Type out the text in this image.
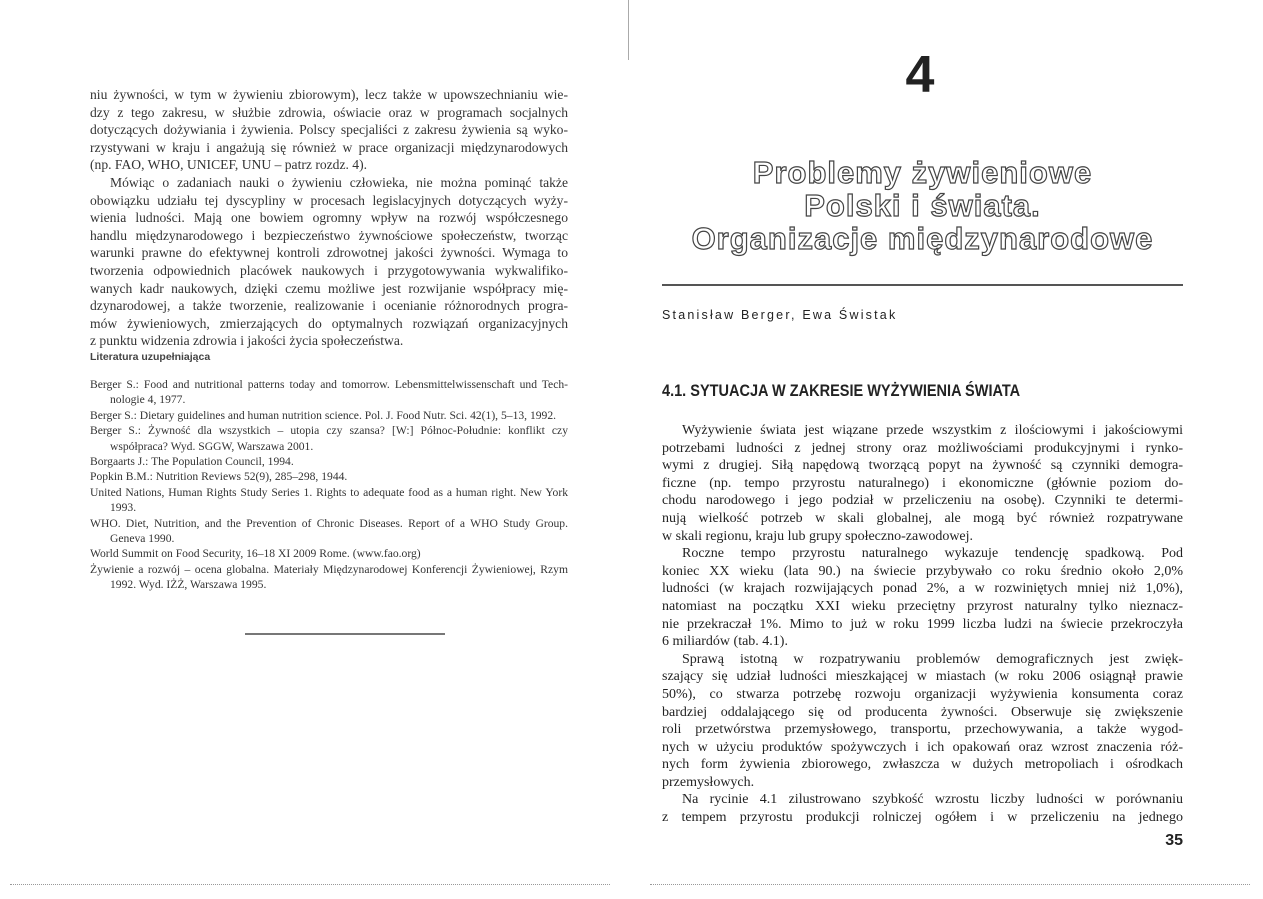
niu żywności, w tym w żywieniu zbiorowym), lecz także w upowszechnianiu wie-
dzy z tego zakresu, w służbie zdrowia, oświacie oraz w programach socjalnych
dotyczących dożywiania i żywienia. Polscy specjaliści z zakresu żywienia są wyko-
rzystywani w kraju i angażują się również w prace organizacji międzynarodowych
(np. FAO, WHO, UNICEF, UNU – patrz rozdz. 4).
Mówiąc o zadaniach nauki o żywieniu człowieka, nie można pominąć także
obowiązku udziału tej dyscypliny w procesach legislacyjnych dotyczących wyży-
wienia ludności. Mają one bowiem ogromny wpływ na rozwój współczesnego
handlu międzynarodowego i bezpieczeństwo żywnościowe społeczeństw, tworząc
warunki prawne do efektywnej kontroli zdrowotnej jakości żywności. Wymaga to
tworzenia odpowiednich placówek naukowych i przygotowywania wykwalifiko-
wanych kadr naukowych, dzięki czemu możliwe jest rozwijanie współpracy mię-
dzynarodowej, a także tworzenie, realizowanie i ocenianie różnorodnych progra-
mów żywieniowych, zmierzających do optymalnych rozwiązań organizacyjnych
z punktu widzenia zdrowia i jakości życia społeczeństwa.
Literatura uzupełniająca
Berger S.: Food and nutritional patterns today and tomorrow. Lebensmittelwissenschaft und Tech-
nologie 4, 1977.
Berger S.: Dietary guidelines and human nutrition science. Pol. J. Food Nutr. Sci. 42(1), 5–13, 1992.
Berger S.: Żywność dla wszystkich – utopia czy szansa? [W:] Północ-Południe: konflikt czy
współpraca? Wyd. SGGW, Warszawa 2001.
Borgaarts J.: The Population Council, 1994.
Popkin B.M.: Nutrition Reviews 52(9), 285–298, 1944.
United Nations, Human Rights Study Series 1. Rights to adequate food as a human right. New York
1993.
WHO. Diet, Nutrition, and the Prevention of Chronic Diseases. Report of a WHO Study Group.
Geneva 1990.
World Summit on Food Security, 16–18 XI 2009 Rome. (www.fao.org)
Żywienie a rozwój – ocena globalna. Materiały Międzynarodowej Konferencji Żywieniowej, Rzym
1992. Wyd. IŻŻ, Warszawa 1995.
4
Problemy żywieniowe
Polski i świata.
Organizacje międzynarodowe
Stanisław Berger, Ewa Świstak
4.1. SYTUACJA W ZAKRESIE WYŻYWIENIA ŚWIATA
Wyżywienie świata jest wiązane przede wszystkim z ilościowymi i jakościowymi
potrzebami ludności z jednej strony oraz możliwościami produkcyjnymi i rynko-
wymi z drugiej. Siłą napędową tworzącą popyt na żywność są czynniki demogra-
ficzne (np. tempo przyrostu naturalnego) i ekonomiczne (głównie poziom do-
chodu narodowego i jego podział w przeliczeniu na osobę). Czynniki te determi-
nują wielkość potrzeb w skali globalnej, ale mogą być również rozpatrywane
w skali regionu, kraju lub grupy społeczno-zawodowej.
Roczne tempo przyrostu naturalnego wykazuje tendencję spadkową. Pod
koniec XX wieku (lata 90.) na świecie przybywało co roku średnio około 2,0%
ludności (w krajach rozwijających ponad 2%, a w rozwiniętych mniej niż 1,0%),
natomiast na początku XXI wieku przeciętny przyrost naturalny tylko nieznacz-
nie przekraczał 1%. Mimo to już w roku 1999 liczba ludzi na świecie przekroczyła
6 miliardów (tab. 4.1).
Sprawą istotną w rozpatrywaniu problemów demograficznych jest zwięk-
szający się udział ludności mieszkającej w miastach (w roku 2006 osiągnął prawie
50%), co stwarza potrzebę rozwoju organizacji wyżywienia konsumenta coraz
bardziej oddalającego się od producenta żywności. Obserwuje się zwiększenie
roli przetwórstwa przemysłowego, transportu, przechowywania, a także wygod-
nych w użyciu produktów spożywczych i ich opakowań oraz wzrost znaczenia róż-
nych form żywienia zbiorowego, zwłaszcza w dużych metropoliach i ośrodkach
przemysłowych.
Na rycinie 4.1 zilustrowano szybkość wzrostu liczby ludności w porównaniu
z tempem przyrostu produkcji rolniczej ogółem i w przeliczeniu na jednego
35
